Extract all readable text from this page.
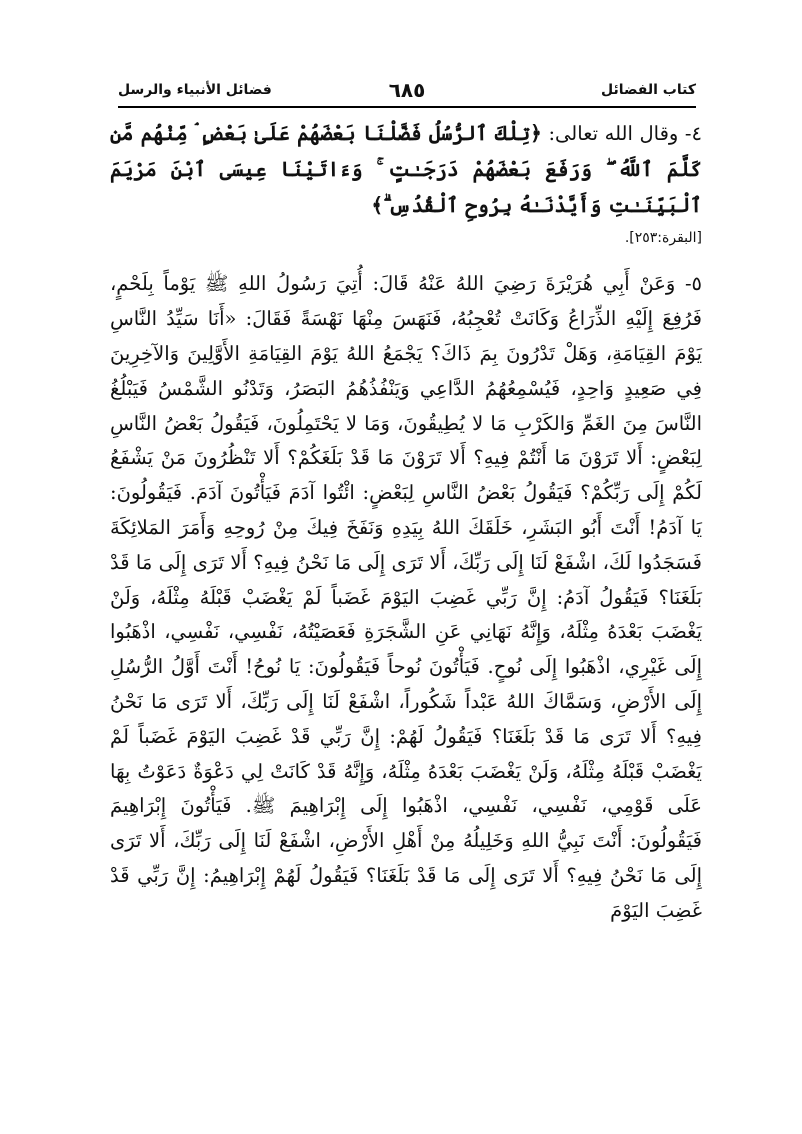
كتاب الفضائل
٦٨٥
فضائل الأنبياء والرسل

٤- وقال الله تعالى: ﴿تِلْكَ ٱلرُّسُلُ فَضَّلْنَا بَعْضَهُمْ عَلَىٰ بَعْضٍ ۘ مِّنْهُم مَّن كَلَّمَ ٱللَّهُ ۖ وَرَفَعَ بَعْضَهُمْ دَرَجَـٰتٍ ۚ وَءَاتَيْنَا عِيسَى ٱبْنَ مَرْيَمَ ٱلْبَيِّنَـٰتِ وَأَيَّدْنَـٰهُ بِرُوحِ ٱلْقُدُسِ ۗ﴾

[البقرة:٢٥٣].

٥- وَعَنْ أَبِي هُرَيْرَةَ رَضِيَ اللهُ عَنْهُ قَالَ: أُتِيَ رَسُولُ اللهِ ﷺ يَوْماً بِلَحْمٍ، فَرُفِعَ إِلَيْهِ الذِّرَاعُ وَكَانَتْ تُعْجِبُهُ، فَنَهَسَ مِنْهَا نَهْسَةً فَقَالَ: «أَنَا سَيِّدُ النَّاسِ يَوْمَ القِيَامَةِ، وَهَلْ تَدْرُونَ بِمَ ذَاكَ؟ يَجْمَعُ اللهُ يَوْمَ القِيَامَةِ الأَوَّلِينَ وَالآخِرِينَ فِي صَعِيدٍ وَاحِدٍ، فَيُسْمِعُهُمُ الدَّاعِي وَيَنْفُذُهُمُ البَصَرُ، وَتَدْنُو الشَّمْسُ فَيَبْلُغُ النَّاسَ مِنَ الغَمِّ وَالكَرْبِ مَا لا يُطِيقُونَ، وَمَا لا يَحْتَمِلُونَ، فَيَقُولُ بَعْضُ النَّاسِ لِبَعْضٍ: أَلا تَرَوْنَ مَا أَنْتُمْ فِيهِ؟ أَلا تَرَوْنَ مَا قَدْ بَلَغَكُمْ؟ أَلا تَنْظُرُونَ مَنْ يَشْفَعُ لَكُمْ إِلَى رَبِّكُمْ؟ فَيَقُولُ بَعْضُ النَّاسِ لِبَعْضٍ: ائْتُوا آدَمَ فَيَأْتُونَ آدَمَ. فَيَقُولُونَ: يَا آدَمُ! أَنْتَ أَبُو البَشَرِ، خَلَقَكَ اللهُ بِيَدِهِ وَنَفَخَ فِيكَ مِنْ رُوحِهِ وَأَمَرَ المَلائِكَةَ فَسَجَدُوا لَكَ، اشْفَعْ لَنَا إِلَى رَبِّكَ، أَلا تَرَى إِلَى مَا نَحْنُ فِيهِ؟ أَلا تَرَى إِلَى مَا قَدْ بَلَغَنَا؟ فَيَقُولُ آدَمُ: إِنَّ رَبِّي غَضِبَ اليَوْمَ غَضَباً لَمْ يَغْضَبْ قَبْلَهُ مِثْلَهُ، وَلَنْ يَغْضَبَ بَعْدَهُ مِثْلَهُ، وَإِنَّهُ نَهَانِي عَنِ الشَّجَرَةِ فَعَصَيْتُهُ، نَفْسِي، نَفْسِي، اذْهَبُوا إِلَى غَيْرِي، اذْهَبُوا إِلَى نُوحٍ. فَيَأْتُونَ نُوحاً فَيَقُولُونَ: يَا نُوحُ! أَنْتَ أَوَّلُ الرُّسُلِ إِلَى الأَرْضِ، وَسَمَّاكَ اللهُ عَبْداً شَكُوراً، اشْفَعْ لَنَا إِلَى رَبِّكَ، أَلا تَرَى مَا نَحْنُ فِيهِ؟ أَلا تَرَى مَا قَدْ بَلَغَنَا؟ فَيَقُولُ لَهُمْ: إِنَّ رَبِّي قَدْ غَضِبَ اليَوْمَ غَضَباً لَمْ يَغْضَبْ قَبْلَهُ مِثْلَهُ، وَلَنْ يَغْضَبَ بَعْدَهُ مِثْلَهُ، وَإِنَّهُ قَدْ كَانَتْ لِي دَعْوَةٌ دَعَوْتُ بِهَا عَلَى قَوْمِي، نَفْسِي، نَفْسِي، اذْهَبُوا إِلَى إِبْرَاهِيمَ ﷺ. فَيَأْتُونَ إِبْرَاهِيمَ فَيَقُولُونَ: أَنْتَ نَبِيُّ اللهِ وَخَلِيلُهُ مِنْ أَهْلِ الأَرْضِ، اشْفَعْ لَنَا إِلَى رَبِّكَ، أَلا تَرَى إِلَى مَا نَحْنُ فِيهِ؟ أَلا تَرَى إِلَى مَا قَدْ بَلَغَنَا؟ فَيَقُولُ لَهُمْ إِبْرَاهِيمُ: إِنَّ رَبِّي قَدْ غَضِبَ اليَوْمَ
